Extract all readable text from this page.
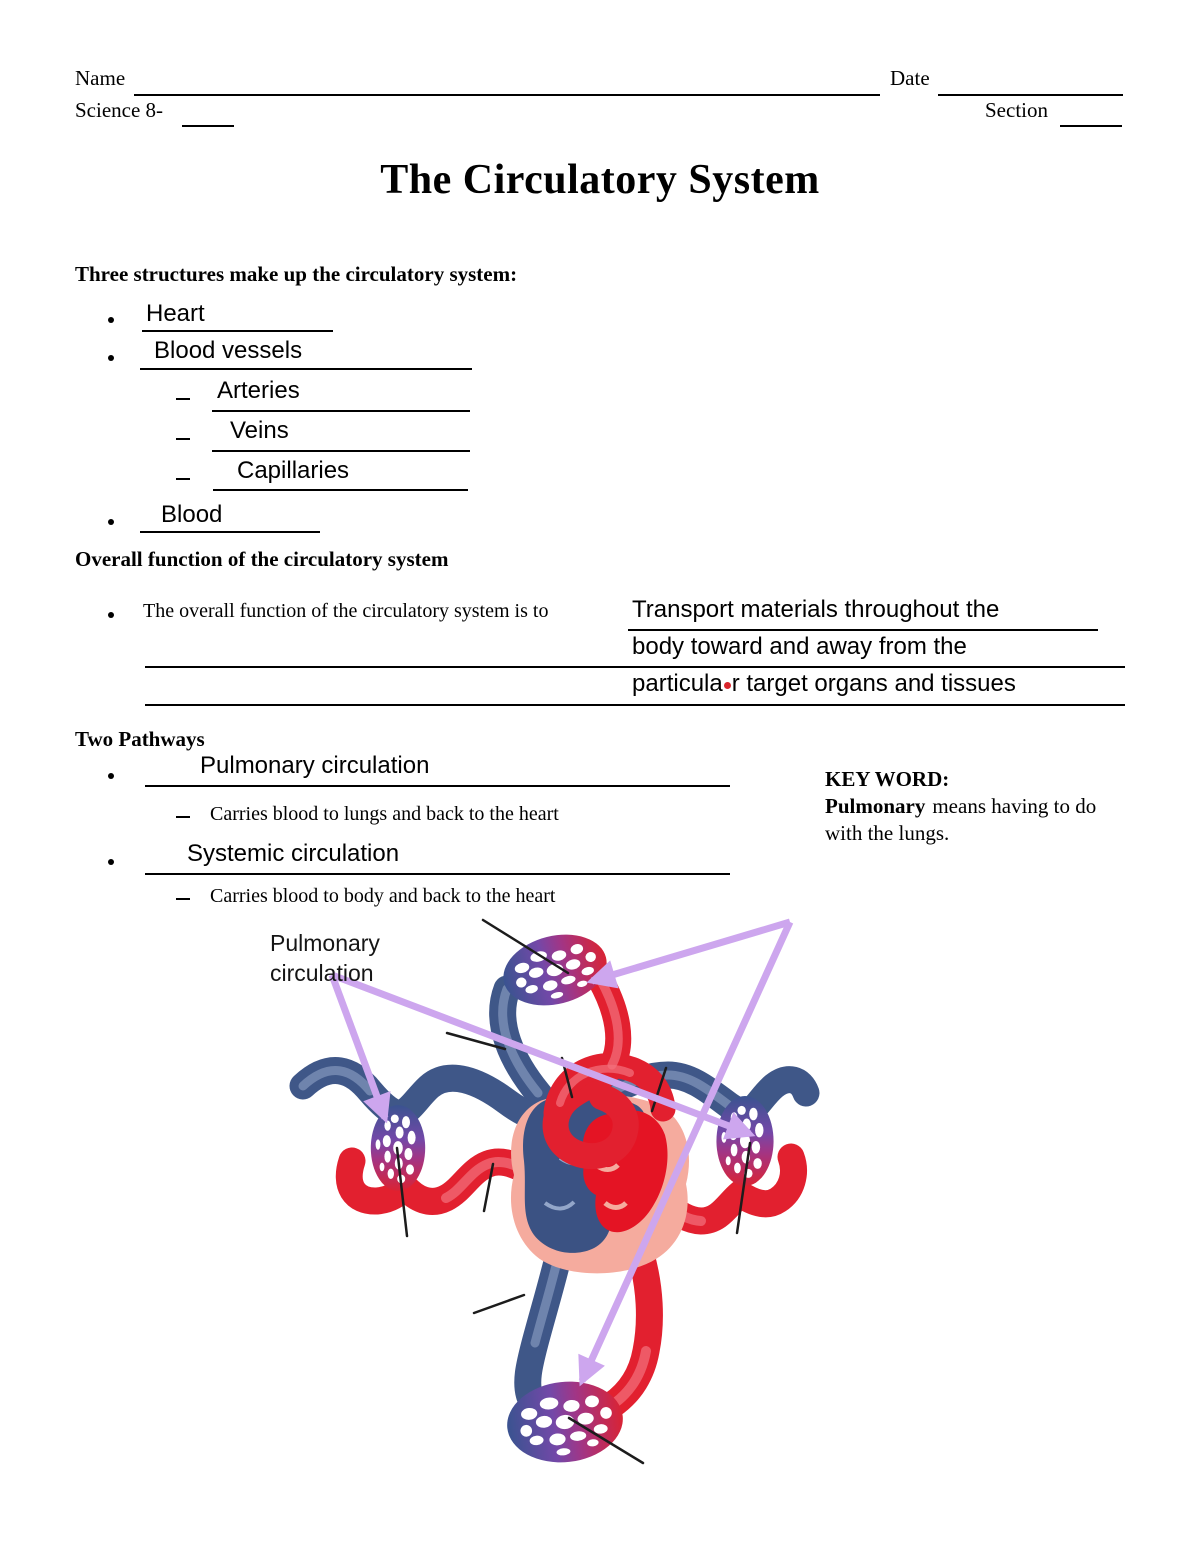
Name	Date
Science 8-	Section
The Circulatory System
Three structures make up the circulatory system:
Heart
Blood vessels
Arteries
Veins
Capillaries
Blood
Overall function of the circulatory system
The overall function of the circulatory system is to	Transport materials throughout the
body toward and away from the
particula r target organs and tissues
Two Pathways
Pulmonary circulation
Carries blood to lungs and back to the heart
Systemic circulation
Carries blood to body and back to the heart
KEY WORD: Pulmonary means having to do with the lungs.
Pulmonary
circulation
